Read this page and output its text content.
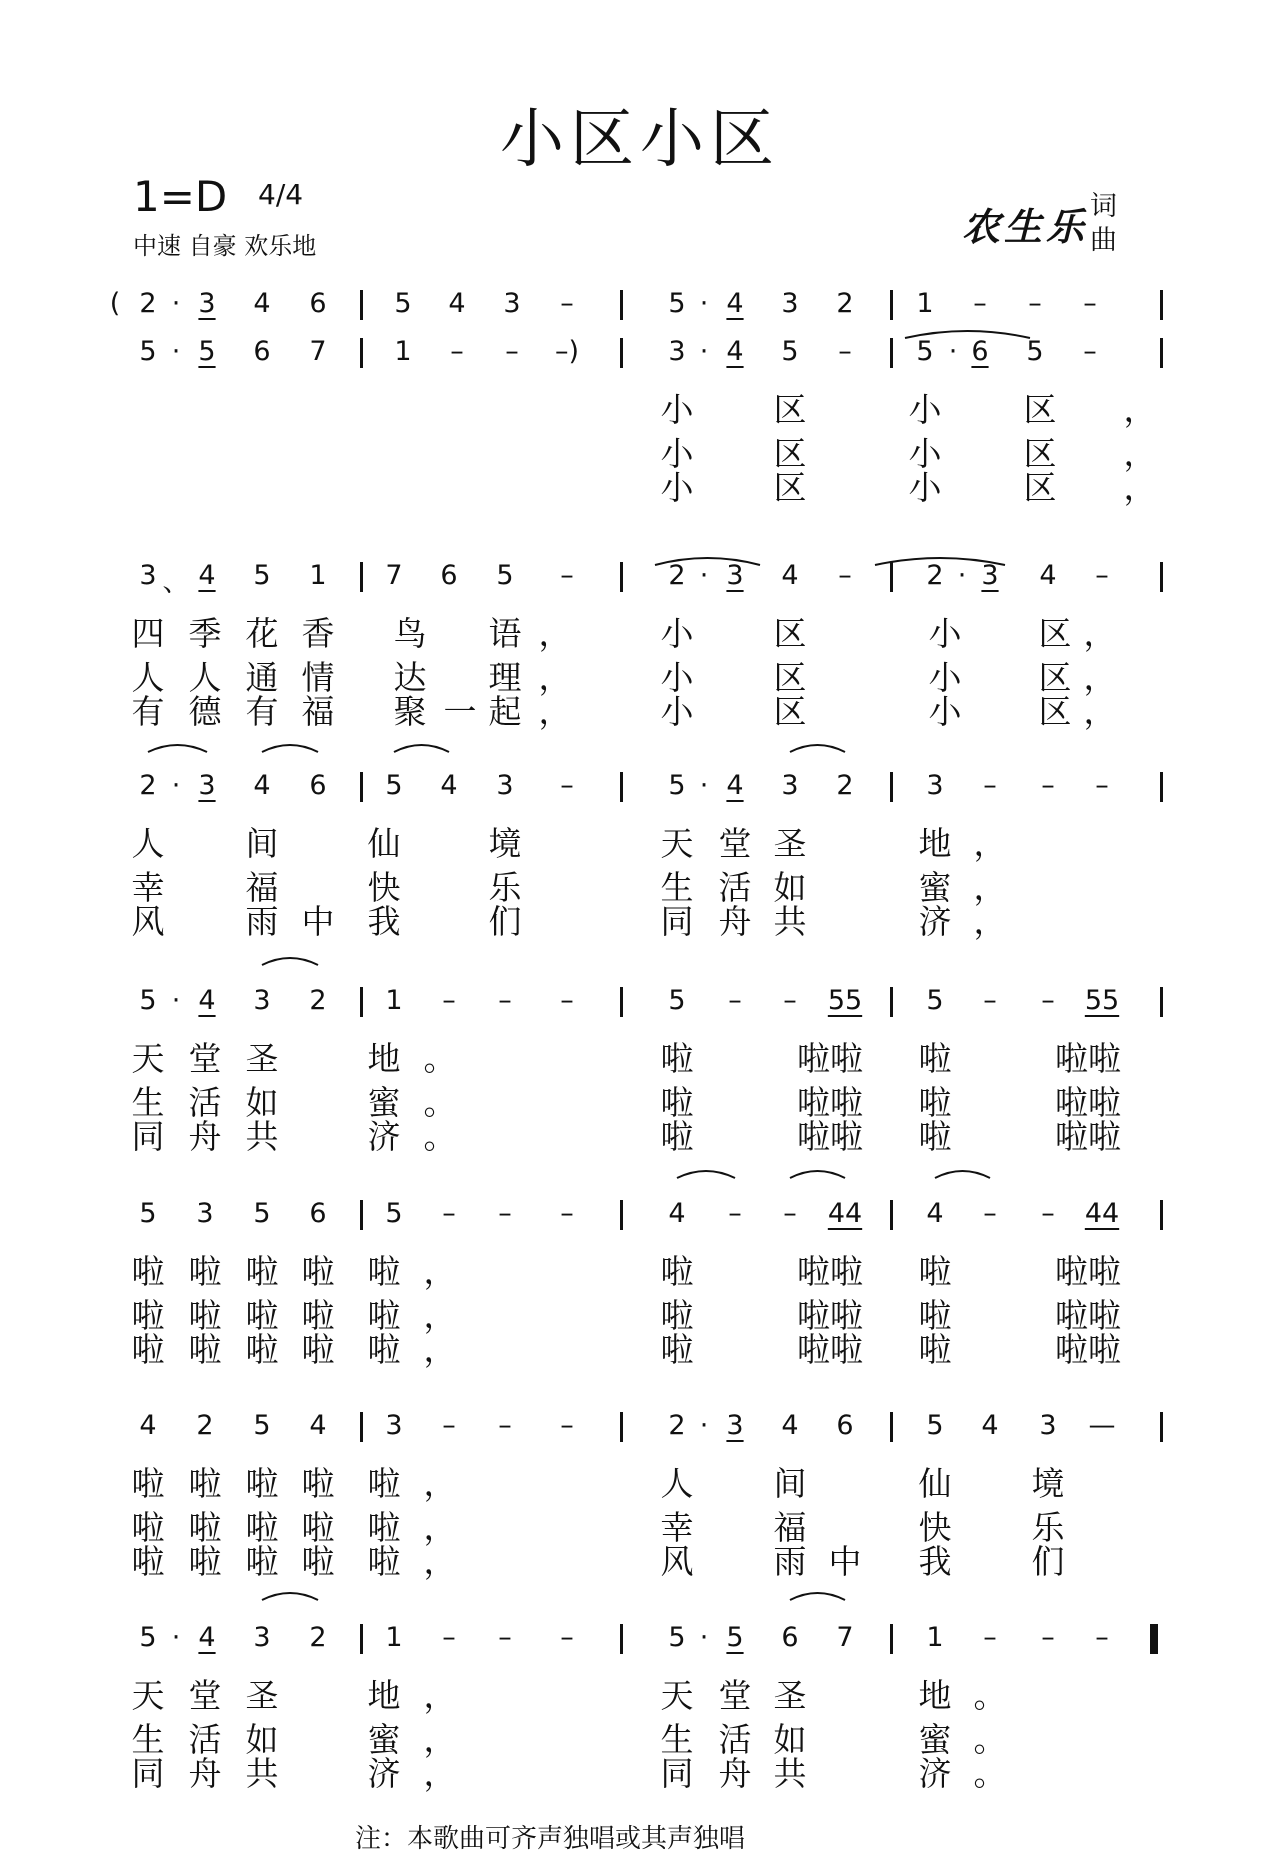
小区小区
1=D 4/4
中速 自豪 欢乐地	农生乐 词
曲
( 2 · 3 4 6	5 4 3 –	5 · 4 3 2 1 – – –
5 · 5 6 7	1 – – –)	3 · 4 5 – 5 · 6 5 –
小 区	小 区 ，
小 区	小 区 ，
小 区	小 区 ，
3 、 4 5 1 7 6 5 –	2 · 3 4 –	2 · 3 4 –
四 季 花 香 鸟 语 ，	小 区	小 区 ，
人 人 通 情 达 理 ，	小 区	小 区 ，
有 德 有 福 聚 一 起 ，	小 区	小 区 ，
2 · 3 4 6 5 4 3 –	5 · 4 3 2	3 – – –
人 间	仙	境	天 堂 圣	地 ，
幸 福	快	乐	生 活 如	蜜 ，
风 雨 中 我	们	同 舟 共	济 ，
5 · 4 3 2 1 – – –	5 – – 55 5 – – 55
天 堂 圣	地 。	啦	啦啦 啦	啦啦
生 活 如	蜜 。	啦	啦啦 啦	啦啦
同 舟 共	济 。	啦	啦啦 啦	啦啦
5 3 5 6 5 – – –	4 – – 44 4 – – 44
啦 啦 啦 啦 啦 ，	啦	啦啦 啦	啦啦
啦 啦 啦 啦 啦 ，	啦	啦啦 啦	啦啦
啦 啦 啦 啦 啦 ，	啦	啦啦 啦	啦啦
4 2 5 4 3 – – –	2 · 3 4 6	5 4 3 —
啦 啦 啦 啦 啦 ，	人 间	仙 境
啦 啦 啦 啦 啦 ，	幸 福	快 乐
啦 啦 啦 啦 啦 ，	风 雨 中 我 们
5 · 4 3 2 1 – – –	5 · 5 6 7	1 – – –
天 堂 圣	地 ，	天 堂 圣	地 。
生 活 如	蜜 ，	生 活 如	蜜 。
同 舟 共	济 ，	同 舟 共	济 。
注：本歌曲可齐声独唱或其声独唱
